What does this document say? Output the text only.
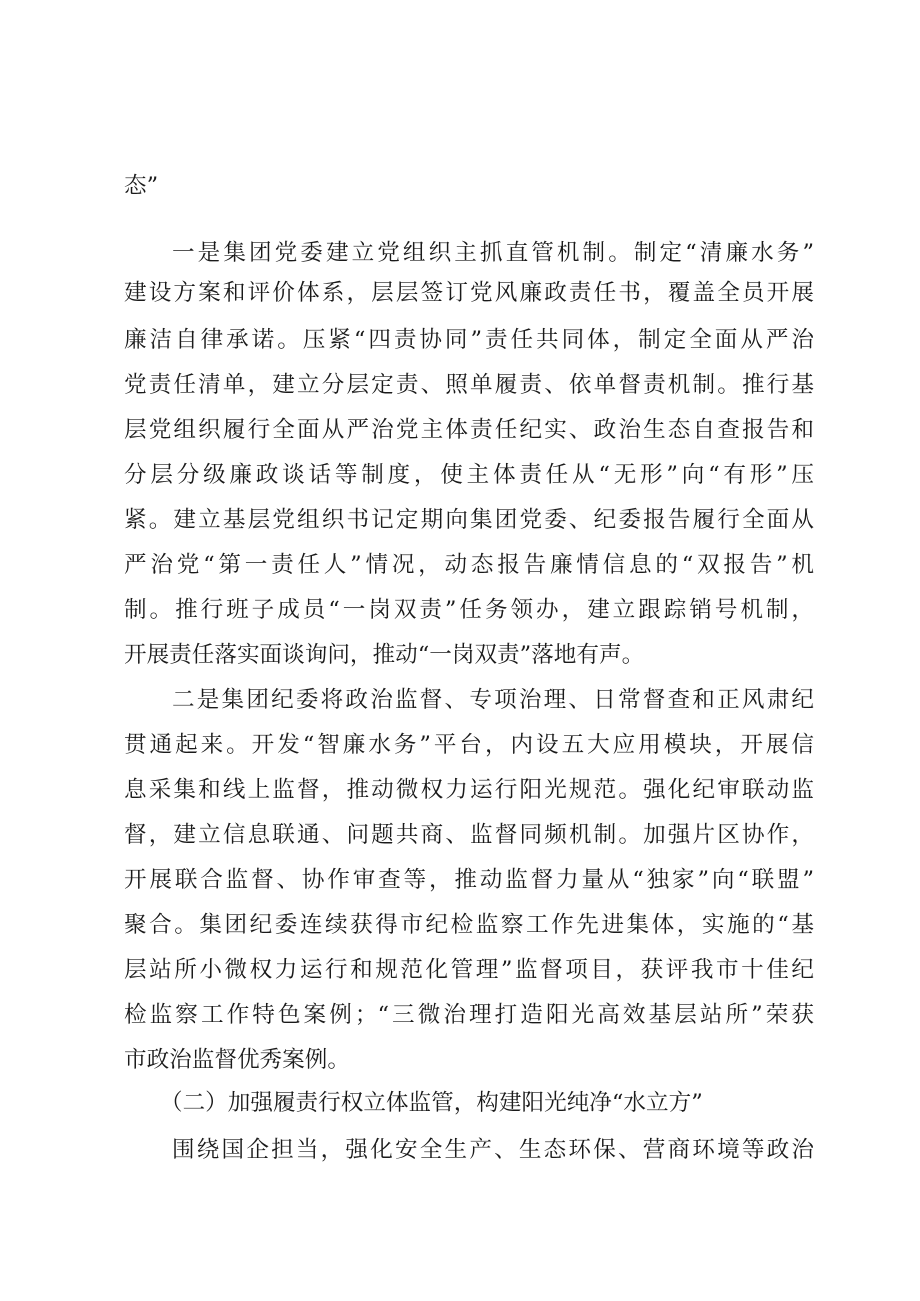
态”
一是集团党委建立党组织主抓直管机制。制定“清廉水务”
建设方案和评价体系，层层签订党风廉政责任书，覆盖全员开展
廉洁自律承诺。压紧“四责协同”责任共同体，制定全面从严治
党责任清单，建立分层定责、照单履责、依单督责机制。推行基
层党组织履行全面从严治党主体责任纪实、政治生态自查报告和
分层分级廉政谈话等制度，使主体责任从“无形”向“有形”压
紧。建立基层党组织书记定期向集团党委、纪委报告履行全面从
严治党“第一责任人”情况，动态报告廉情信息的“双报告”机
制。推行班子成员“一岗双责”任务领办，建立跟踪销号机制，
开展责任落实面谈询问，推动“一岗双责”落地有声。
二是集团纪委将政治监督、专项治理、日常督查和正风肃纪
贯通起来。开发“智廉水务”平台，内设五大应用模块，开展信
息采集和线上监督，推动微权力运行阳光规范。强化纪审联动监
督，建立信息联通、问题共商、监督同频机制。加强片区协作，
开展联合监督、协作审查等，推动监督力量从“独家”向“联盟”
聚合。集团纪委连续获得市纪检监察工作先进集体，实施的“基
层站所小微权力运行和规范化管理”监督项目，获评我市十佳纪
检监察工作特色案例；“三微治理打造阳光高效基层站所”荣获
市政治监督优秀案例。
（二）加强履责行权立体监管，构建阳光纯净“水立方”
围绕国企担当，强化安全生产、生态环保、营商环境等政治
